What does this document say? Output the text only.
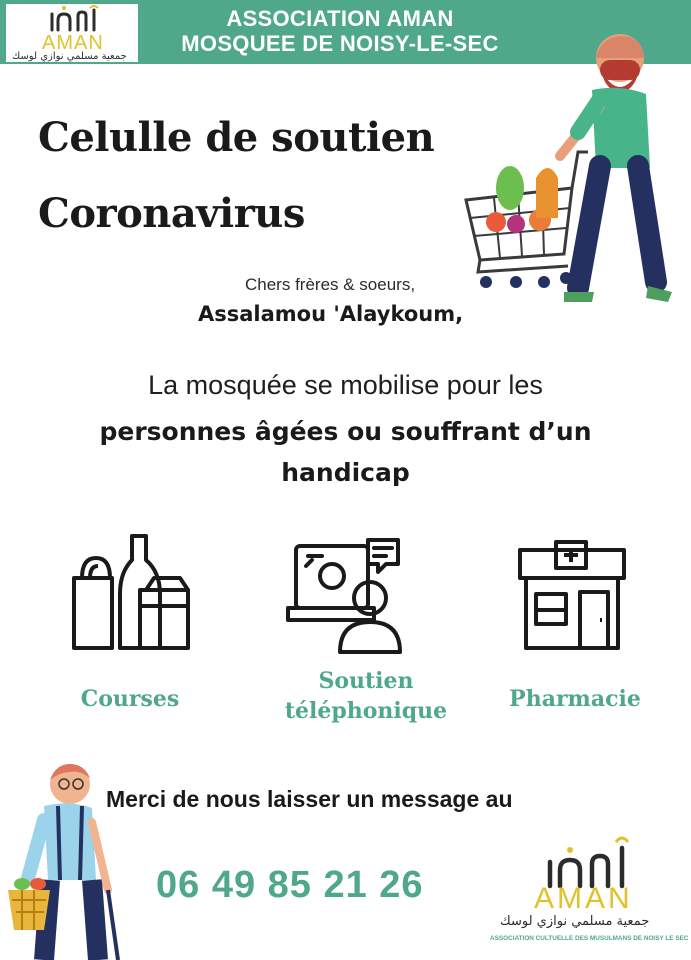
ASSOCIATION AMAN
MOSQUEE DE NOISY-LE-SEC
AMAN
جمعية مسلمي نوازي لوسك
Celulle de soutien
Coronavirus
Chers frères & soeurs,
Assalamou 'Alaykoum,
La mosquée se mobilise pour les
personnes âgées ou souffrant d’un
handicap
Courses
Soutien
téléphonique	Pharmacie
Merci de nous laisser un message au
06 49 85 21 26	AMAN
جمعية مسلمي نوازي لوسك
ASSOCIATION CULTUELLE DES MUSULMANS DE NOISY LE SEC
